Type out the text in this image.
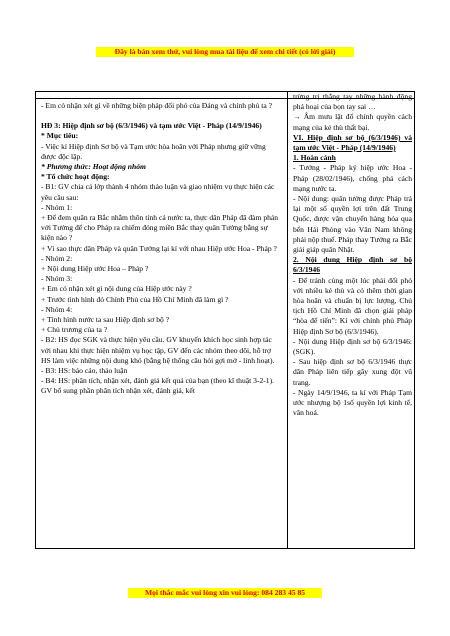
Đây là bản xem thử, vui lòng mua tài liệu để xem chi tiết (có lời giải)

- Em có nhận xét gì về những biện pháp đối phó của Đảng và chính phủ ta ?

HĐ 3: Hiệp định sơ bộ (6/3/1946) và tạm ước Việt - Pháp (14/9/1946)

* Mục tiêu:

- Việc kí Hiệp định Sơ bộ và Tạm ước hòa hoãn với Pháp nhưng giữ vững được độc lập.

* Phương thức: Hoạt động nhóm

* Tổ chức hoạt động:

- B1: GV chia cả lớp thành 4 nhóm thảo luận và giao nhiệm vụ thực hiện các yêu cầu sau:

- Nhóm 1:

+ Để đem quân ra Bắc nhằm thôn tính cả nước ta, thực dân Pháp đã đàm phán với Tưởng để cho Pháp ra chiếm đóng miền Bắc thay quân Tưởng bằng sự kiện nào ?

+ Vì sao thực dân Pháp và quân Tưởng lại kí với nhau Hiệp ước Hoa - Pháp ?

- Nhóm 2:

+ Nội dung Hiệp ước Hoa – Pháp ?

- Nhóm 3:

+ Em có nhận xét gì nội dung của Hiệp ước này ?

+ Trước tình hình đó Chính Phủ của Hồ Chí Minh đã làm gì ?

- Nhóm 4:

+ Tình hình nước ta sau Hiệp định sơ bộ ?

+ Chủ trương của ta ?

- B2: HS đọc SGK và thực hiện yêu cầu. GV khuyến khích học sinh hợp tác với nhau khi thực hiện nhiệm vụ học tập, GV đến các nhóm theo dõi, hỗ trợ HS làm việc những nội dung khó (bằng hệ thống câu hỏi gợi mở - linh hoạt).

- B3: HS: báo cáo, thảo luận

- B4: HS: phân tích, nhận xét, đánh giá kết quả của bạn (theo kĩ thuật 3-2-1).

GV bổ sung phần phân tích nhận xét, đánh giá, kết

trừng trị thẳng tay những hành động phá hoại của bọn tay sai …

→ Âm mưu lật đổ chính quyền cách mạng của kẻ thù thất bại.

VI. Hiệp định sơ bộ (6/3/1946) và tạm ước Việt - Pháp (14/9/1946)

1. Hoàn cảnh

- Tưởng - Pháp ký hiệp ước Hoa - Pháp (28/02/1946), chống phá cách mạng nước ta.

- Nội dung: quân tưởng được Pháp trả lại một số quyền lợi trên đất Trung Quốc, được vận chuyển hàng hóa qua bến Hải Phòng vào Vân Nam không phải nộp thuế. Pháp thay Tưởng ra Bắc giải giáp quân Nhật.

2. Nội dung Hiệp định sơ bộ 6/3/1946

- Để tránh cùng một lúc phải đối phó với nhiều kẻ thù và có thêm thời gian hòa hoãn và chuẩn bị lực lượng, Chủ tịch Hồ Chí Minh đã chọn giải pháp “hòa để tiến”: Kí với chính phủ Pháp Hiệp định Sơ bộ (6/3/1946).

- Nội dung Hiệp định sơ bộ 6/3/1946: (SGK).

- Sau hiệp định sơ bộ 6/3/1946 thực dân Pháp liên tiếp gây xung đột vũ trang.

- Ngày 14/9/1946, ta kí với Pháp Tạm ước nhượng bộ 1số quyền lợi kinh tế, văn hoá.

Mọi thắc mắc vui lòng xin vui lòng: 084 283 45 85
